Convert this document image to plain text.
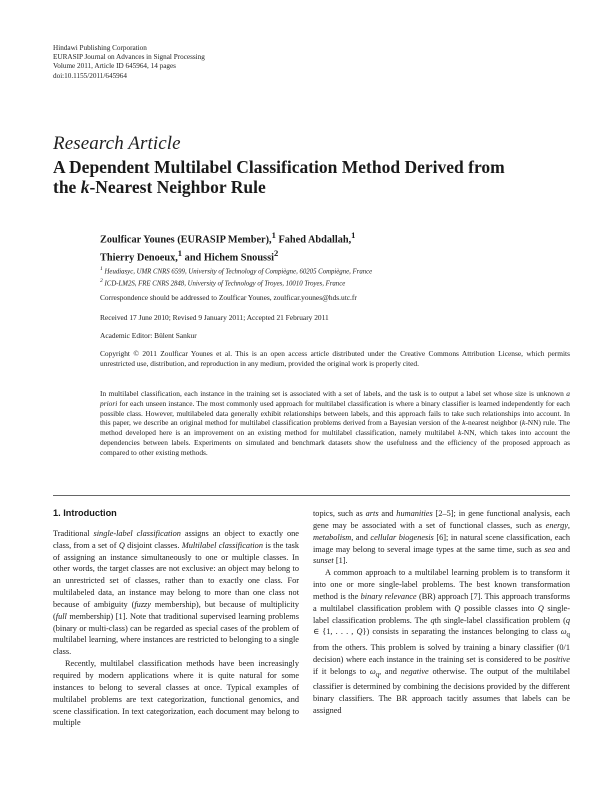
Hindawi Publishing Corporation
EURASIP Journal on Advances in Signal Processing
Volume 2011, Article ID 645964, 14 pages
doi:10.1155/2011/645964
Research Article
A Dependent Multilabel Classification Method Derived from
the k-Nearest Neighbor Rule
Zoulficar Younes (EURASIP Member),$^1$ Fahed Abdallah,$^1$
Thierry Denoeux,$^1$ and Hichem Snoussi$^2$
$^1$ Heudiasyc, UMR CNRS 6599, University of Technology of Compiègne, 60205 Compiègne, France
$^2$ ICD-LM2S, FRE CNRS 2848, University of Technology of Troyes, 10010 Troyes, France
Correspondence should be addressed to Zoulficar Younes, zoulficar.younes@hds.utc.fr
Received 17 June 2010; Revised 9 January 2011; Accepted 21 February 2011
Academic Editor: Bülent Sankur
Copyright © 2011 Zoulficar Younes et al. This is an open access article distributed under the Creative Commons Attribution License, which permits unrestricted use, distribution, and reproduction in any medium, provided the original work is properly cited.
In multilabel classification, each instance in the training set is associated with a set of labels, and the task is to output a label set whose size is unknown a priori for each unseen instance. The most commonly used approach for multilabel classification is where a binary classifier is learned independently for each possible class. However, multilabeled data generally exhibit relationships between labels, and this approach fails to take such relationships into account. In this paper, we describe an original method for multilabel classification problems derived from a Bayesian version of the k-nearest neighbor (k-NN) rule. The method developed here is an improvement on an existing method for multilabel classification, namely multilabel k-NN, which takes into account the dependencies between labels. Experiments on simulated and benchmark datasets show the usefulness and the efficiency of the proposed approach as compared to other existing methods.
1. Introduction

Traditional single-label classification assigns an object to exactly one class, from a set of Q disjoint classes. Multilabel classification is the task of assigning an instance simultaneously to one or multiple classes. In other words, the target classes are not exclusive: an object may belong to an unrestricted set of classes, rather than to exactly one class. For multilabeled data, an instance may belong to more than one class not because of ambiguity (fuzzy membership), but because of multiplicity (full membership) [1]. Note that traditional supervised learning problems (binary or multi-class) can be regarded as special cases of the problem of multilabel learning, where instances are restricted to belonging to a single class.

Recently, multilabel classification methods have been increasingly required by modern applications where it is quite natural for some instances to belong to several classes at once. Typical examples of multilabel problems are text categorization, functional genomics, and scene classification. In text categorization, each document may belong to multiple

topics, such as arts and humanities [2–5]; in gene functional analysis, each gene may be associated with a set of functional classes, such as energy, metabolism, and cellular biogenesis [6]; in natural scene classification, each image may belong to several image types at the same time, such as sea and sunset [1].

A common approach to a multilabel learning problem is to transform it into one or more single-label problems. The best known transformation method is the binary relevance (BR) approach [7]. This approach transforms a multilabel classification problem with Q possible classes into Q single-label classification problems. The qth single-label classification problem (q ∈ {1, . . . , Q}) consists in separating the instances belonging to class $\omega_q$ from the others. This problem is solved by training a binary classifier (0/1 decision) where each instance in the training set is considered to be positive if it belongs to $\omega_q$, and negative otherwise. The output of the multilabel classifier is determined by combining the decisions provided by the different binary classifiers. The BR approach tacitly assumes that labels can be assigned
